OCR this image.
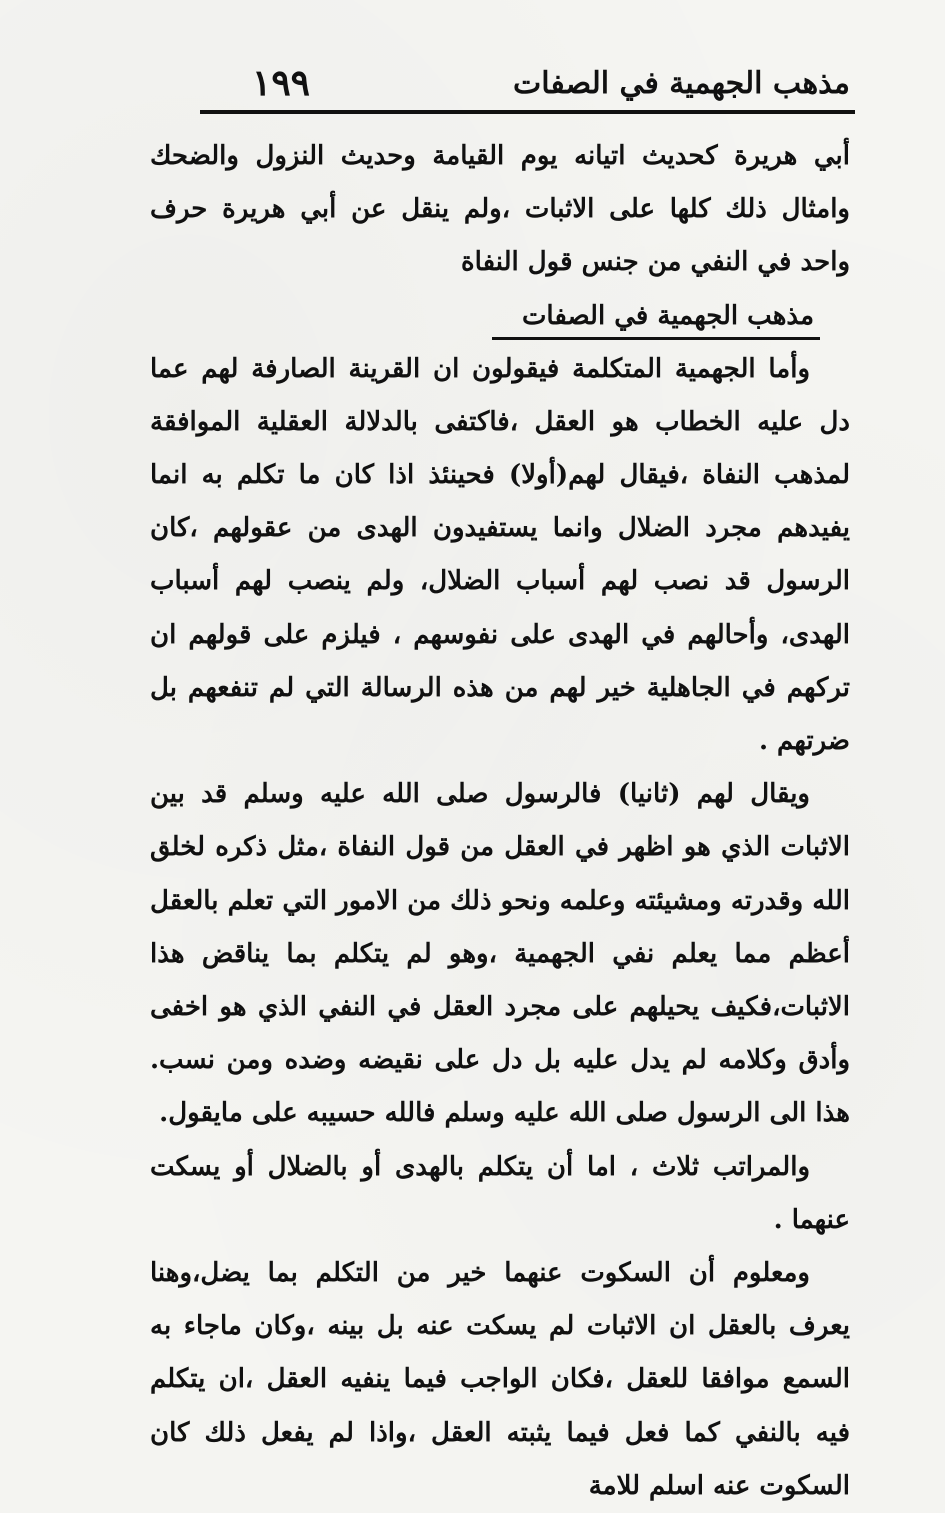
مذهب الجهمية في الصفات
١٩٩

أبي هريرة كحديث اتيانه يوم القيامة وحديث النزول والضحك وامثال ذلك كلها على الاثبات ،ولم ينقل عن أبي هريرة حرف واحد في النفي من جنس قول النفاة

مذهب الجهمية في الصفات

وأما الجهمية المتكلمة فيقولون ان القرينة الصارفة لهم عما دل عليه الخطاب هو العقل ،فاكتفى بالدلالة العقلية الموافقة لمذهب النفاة ،فيقال لهم(أولا) فحينئذ اذا كان ما تكلم به انما يفيدهم مجرد الضلال وانما يستفيدون الهدى من عقولهم ،كان الرسول قد نصب لهم أسباب الضلال، ولم ينصب لهم أسباب الهدى، وأحالهم في الهدى على نفوسهم ، فيلزم على قولهم ان تركهم في الجاهلية خير لهم من هذه الرسالة التي لم تنفعهم بل ضرتهم .

ويقال لهم (ثانيا) فالرسول صلى الله عليه وسلم قد بين الاثبات الذي هو اظهر في العقل من قول النفاة ،مثل ذكره لخلق الله وقدرته ومشيئته وعلمه ونحو ذلك من الامور التي تعلم بالعقل أعظم مما يعلم نفي الجهمية ،وهو لم يتكلم بما يناقض هذا الاثبات،فكيف يحيلهم على مجرد العقل في النفي الذي هو اخفى وأدق وكلامه لم يدل عليه بل دل على نقيضه وضده ومن نسب. هذا الى الرسول صلى الله عليه وسلم فالله حسيبه على مايقول.

والمراتب ثلاث ، اما أن يتكلم بالهدى أو بالضلال أو يسكت عنهما .

ومعلوم أن السكوت عنهما خير من التكلم بما يضل،وهنا يعرف بالعقل ان الاثبات لم يسكت عنه بل بينه ،وكان ماجاء به السمع موافقا للعقل ،فكان الواجب فيما ينفيه العقل ،ان يتكلم فيه بالنفي كما فعل فيما يثبته العقل ،واذا لم يفعل ذلك كان السكوت عنه اسلم للامة
